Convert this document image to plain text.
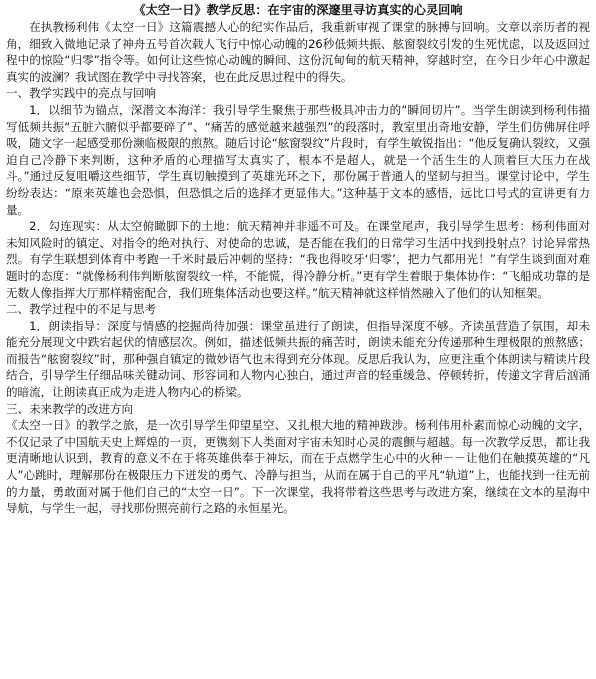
《太空一日》教学反思：在宇宙的深邃里寻访真实的心灵回响

在执教杨利伟《太空一日》这篇震撼人心的纪实作品后，我重新审视了课堂的脉搏与回响。文章以亲历者的视角，细致入微地记录了神舟五号首次载人飞行中惊心动魄的26秒低频共振、舷窗裂纹引发的生死忧虑，以及返回过程中的惊险“归零”指令等。如何让这些惊心动魄的瞬间、这份沉甸甸的航天精神，穿越时空，在今日少年心中激起真实的波澜？我试图在教学中寻找答案，也在此反思过程中的得失。

一、教学实践中的亮点与回响

1．以细节为锚点，深潜文本海洋：我引导学生聚焦于那些极具冲击力的“瞬间切片”。当学生朗读到杨利伟描写低频共振“五脏六腑似乎都要碎了”、“痛苦的感觉越来越强烈”的段落时，教室里出奇地安静，学生们仿佛屏住呼吸，随文字一起感受那份濒临极限的煎熬。随后讨论“舷窗裂纹”片段时，有学生敏锐指出：“他反复确认裂纹，又强迫自己冷静下来判断，这种矛盾的心理描写太真实了，根本不是超人，就是一个活生生的人顶着巨大压力在战斗。”通过反复咀嚼这些细节，学生真切触摸到了英雄光环之下，那份属于普通人的坚韧与担当。课堂讨论中，学生纷纷表达：“原来英雄也会恐惧，但恐惧之后的选择才更显伟大。”这种基于文本的感悟，远比口号式的宣讲更有力量。

2．勾连现实：从太空俯瞰脚下的土地：航天精神并非遥不可及。在课堂尾声，我引导学生思考：杨利伟面对未知风险时的镇定、对指令的绝对执行、对使命的忠诚，是否能在我们的日常学习生活中找到投射点？讨论异常热烈。有学生联想到体育中考跑一千米时最后冲刺的坚持：“我也得咬牙‘归零’，把力气都用光！”有学生谈到面对难题时的态度：“就像杨利伟判断舷窗裂纹一样，不能慌，得冷静分析。”更有学生着眼于集体协作：“飞船成功靠的是无数人像指挥大厅那样精密配合，我们班集体活动也要这样。”航天精神就这样悄然融入了他们的认知框架。

二、教学过程中的不足与思考

1．朗读指导：深度与情感的挖掘尚待加强：课堂虽进行了朗读，但指导深度不够。齐读虽营造了氛围，却未能充分展现文中跌宕起伏的情感层次。例如，描述低频共振的痛苦时，朗读未能充分传递那种生理极限的煎熬感；而报告“舷窗裂纹”时，那种强自镇定的微妙语气也未得到充分体现。反思后我认为，应更注重个体朗读与精读片段结合，引导学生仔细品味关键动词、形容词和人物内心独白，通过声音的轻重缓急、停顿转折，传递文字背后汹涌的暗流，让朗读真正成为走进人物内心的桥梁。

三、未来教学的改进方向

《太空一日》的教学之旅，是一次引导学生仰望星空、又扎根大地的精神跋涉。杨利伟用朴素而惊心动魄的文字，不仅记录了中国航天史上辉煌的一页，更镌刻下人类面对宇宙未知时心灵的震颤与超越。每一次教学反思，都让我更清晰地认识到，教育的意义不在于将英雄供奉于神坛，而在于点燃学生心中的火种－－让他们在触摸英雄的“凡人”心跳时，理解那份在极限压力下迸发的勇气、冷静与担当，从而在属于自己的平凡“轨道”上，也能找到一往无前的力量，勇敢面对属于他们自己的“太空一日”。下一次课堂，我将带着这些思考与改进方案，继续在文本的星海中导航，与学生一起，寻找那份照亮前行之路的永恒星光。
